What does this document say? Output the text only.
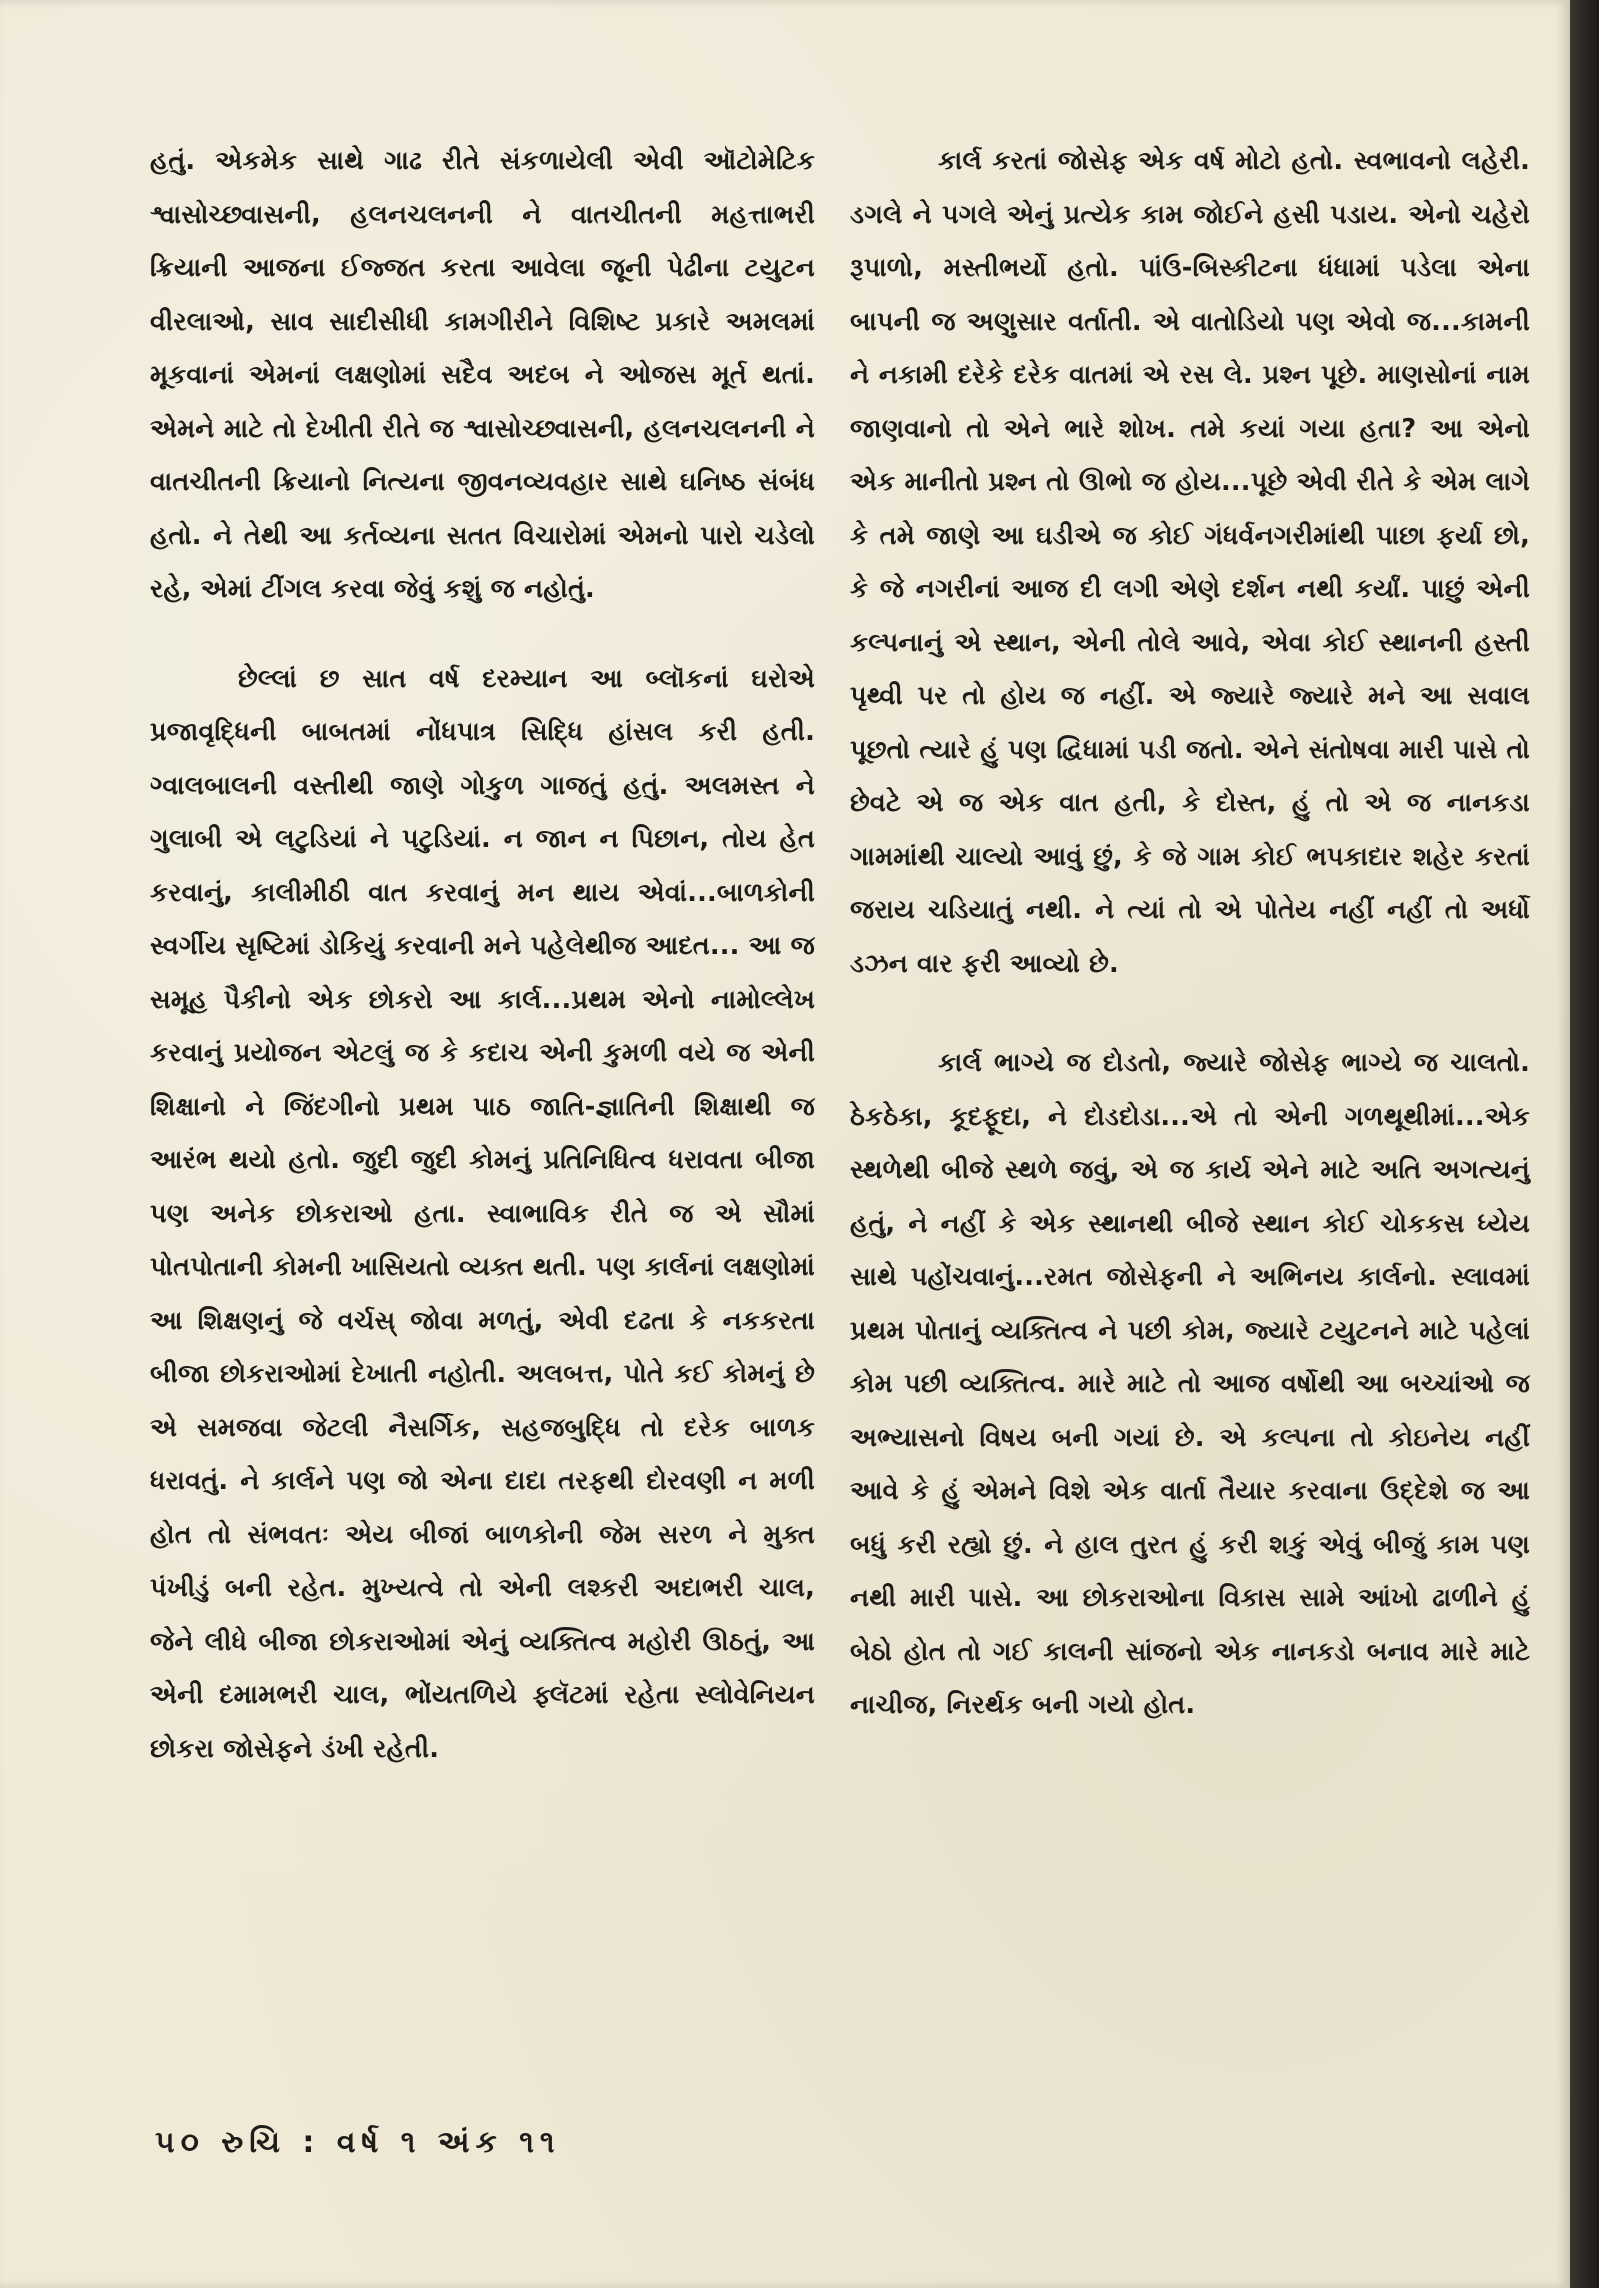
હતું. એકમેક સાથે ગાઢ રીતે સંકળાયેલી એવી ઑટોમેટિક શ્વાસોચ્છ્વાસની, હલનચલનની ને વાતચીતની મહત્તાભરી ક્રિયાની આજના ઈજ્જત કરતા આવેલા જૂની પેઢીના ટયુટન વીરલાઓ, સાવ સાદીસીધી કામગીરીને વિશિષ્ટ પ્રકારે અમલમાં મૂકવાનાં એમનાં લક્ષણોમાં સદૈવ અદબ ને ઓજસ મૂર્ત થતાં. એમને માટે તો દેખીતી રીતે જ શ્વાસોચ્છ્વાસની, હલનચલનની ને વાતચીતની ક્રિયાનો નિત્યના જીવનવ્યવહાર સાથે ઘનિષ્ઠ સંબંધ હતો. ને તેથી આ કર્તવ્યના સતત વિચારોમાં એમનો પારો ચડેલો રહે, એમાં ટીંગલ કરવા જેવું કશું જ નહોતું.

છેલ્લાં છ સાત વર્ષ દરમ્યાન આ બ્લૉકનાં ઘરોએ પ્રજાવૃદ્ધિની બાબતમાં નોંધપાત્ર સિદ્ધિ હાંસલ કરી હતી. ગ્વાલબાલની વસ્તીથી જાણે ગોકુળ ગાજતું હતું. અલમસ્ત ને ગુલાબી એ લટુડિયાં ને પટુડિયાં. ન જાન ન પિછાન, તોય હેત કરવાનું, કાલીમીઠી વાત કરવાનું મન થાય એવાં...બાળકોની સ્વર્ગીય સૃષ્ટિમાં ડોકિયું કરવાની મને પહેલેથીજ આદત... આ જ સમૂહ પૈકીનો એક છોકરો આ કાર્લ...પ્રથમ એનો નામોલ્લેખ કરવાનું પ્રયોજન એટલું જ કે કદાચ એની કુમળી વયે જ એની શિક્ષાનો ને જિંદગીનો પ્રથમ પાઠ જાતિ-જ્ઞાતિની શિક્ષાથી જ આરંભ થયો હતો. જુદી જુદી કોમનું પ્રતિનિધિત્વ ધરાવતા બીજા પણ અનેક છોકરાઓ હતા. સ્વાભાવિક રીતે જ એ સૌમાં પોતપોતાની કોમની ખાસિયતો વ્યક્ત થતી. પણ કાર્લનાં લક્ષણોમાં આ શિક્ષણનું જે વર્ચસ્ જોવા મળતું, એવી દઢતા કે નકકરતા બીજા છોકરાઓમાં દેખાતી નહોતી. અલબત્ત, પોતે કઈ કોમનું છે એ સમજવા જેટલી નૈસર્ગિક, સહજબુદ્ધિ તો દરેક બાળક ધરાવતું. ને કાર્લને પણ જો એના દાદા તરફથી દોરવણી ન મળી હોત તો સંભવતઃ એય બીજાં બાળકોની જેમ સરળ ને મુક્ત પંખીડું બની રહેત. મુખ્યત્વે તો એની લશ્કરી અદાભરી ચાલ, જેને લીધે બીજા છોકરાઓમાં એનું વ્યક્તિત્વ મહોરી ઊઠતું, આ એની દમામભરી ચાલ, ભોંયતળિયે ફ્લૅટમાં રહેતા સ્લોવેનિયન છોકરા જોસેફને ડંખી રહેતી.

કાર્લ કરતાં જોસેફ એક વર્ષ મોટો હતો. સ્વભાવનો લહેરી. ડગલે ને પગલે એનું પ્રત્યેક કામ જોઈને હસી પડાય. એનો ચહેરો રૂપાળો, મસ્તીભર્યો હતો. પાંઉ-બિસ્કીટના ધંધામાં પડેલા એના બાપની જ અણુસાર વર્તાતી. એ વાતોડિયો પણ એવો જ...કામની ને નકામી દરેકે દરેક વાતમાં એ રસ લે. પ્રશ્ન પૂછે. માણસોનાં નામ જાણવાનો તો એને ભારે શોખ. તમે કયાં ગયા હતા? આ એનો એક માનીતો પ્રશ્ન તો ઊભો જ હોય...પૂછે એવી રીતે કે એમ લાગે કે તમે જાણે આ ઘડીએ જ કોઈ ગંધર્વનગરીમાંથી પાછા ફર્યા છો, કે જે નગરીનાં આજ દી લગી એણે દર્શન નથી કર્યાં. પાછું એની કલ્પનાનું એ સ્થાન, એની તોલે આવે, એવા કોઈ સ્થાનની હસ્તી પૃથ્વી પર તો હોય જ નહીં. એ જ્યારે જ્યારે મને આ સવાલ પૂછતો ત્યારે હું પણ દ્વિધામાં પડી જતો. એને સંતોષવા મારી પાસે તો છેવટે એ જ એક વાત હતી, કે દોસ્ત, હું તો એ જ નાનકડા ગામમાંથી ચાલ્યો આવું છું, કે જે ગામ કોઈ ભપકાદાર શહેર કરતાં જરાય ચડિયાતું નથી. ને ત્યાં તો એ પોતેય નહીં નહીં તો અર્ધો ડઝન વાર ફરી આવ્યો છે.

કાર્લ ભાગ્યે જ દોડતો, જ્યારે જોસેફ ભાગ્યે જ ચાલતો. ઠેકઠેકા, કૂદફૂદા, ને દોડદોડા...એ તો એની ગળથૂથીમાં...એક સ્થળેથી બીજે સ્થળે જવું, એ જ કાર્ય એને માટે અતિ અગત્યનું હતું, ને નહીં કે એક સ્થાનથી બીજે સ્થાન કોઈ ચોકકસ ધ્યેય સાથે પહોંચવાનું...રમત જોસેફની ને અભિનય કાર્લનો. સ્લાવમાં પ્રથમ પોતાનું વ્યક્તિત્વ ને પછી કોમ, જ્યારે ટયુટનને માટે પહેલાં કોમ પછી વ્યક્તિત્વ. મારે માટે તો આજ વર્ષોથી આ બચ્ચાંઓ જ અભ્યાસનો વિષય બની ગયાં છે. એ કલ્પના તો કોઇનેય નહીં આવે કે હું એમને વિશે એક વાર્તા તૈયાર કરવાના ઉદ્દેશે જ આ બધું કરી રહ્યો છું. ને હાલ તુરત હું કરી શકું એવું બીજું કામ પણ નથી મારી પાસે. આ છોકરાઓના વિકાસ સામે આંખો ઢાળીને હું બેઠો હોત તો ગઈ કાલની સાંજનો એક નાનકડો બનાવ મારે માટે નાચીજ, નિરર્થક બની ગયો હોત.

૫૦ રુચિ : વર્ષ ૧ અંક ૧૧
